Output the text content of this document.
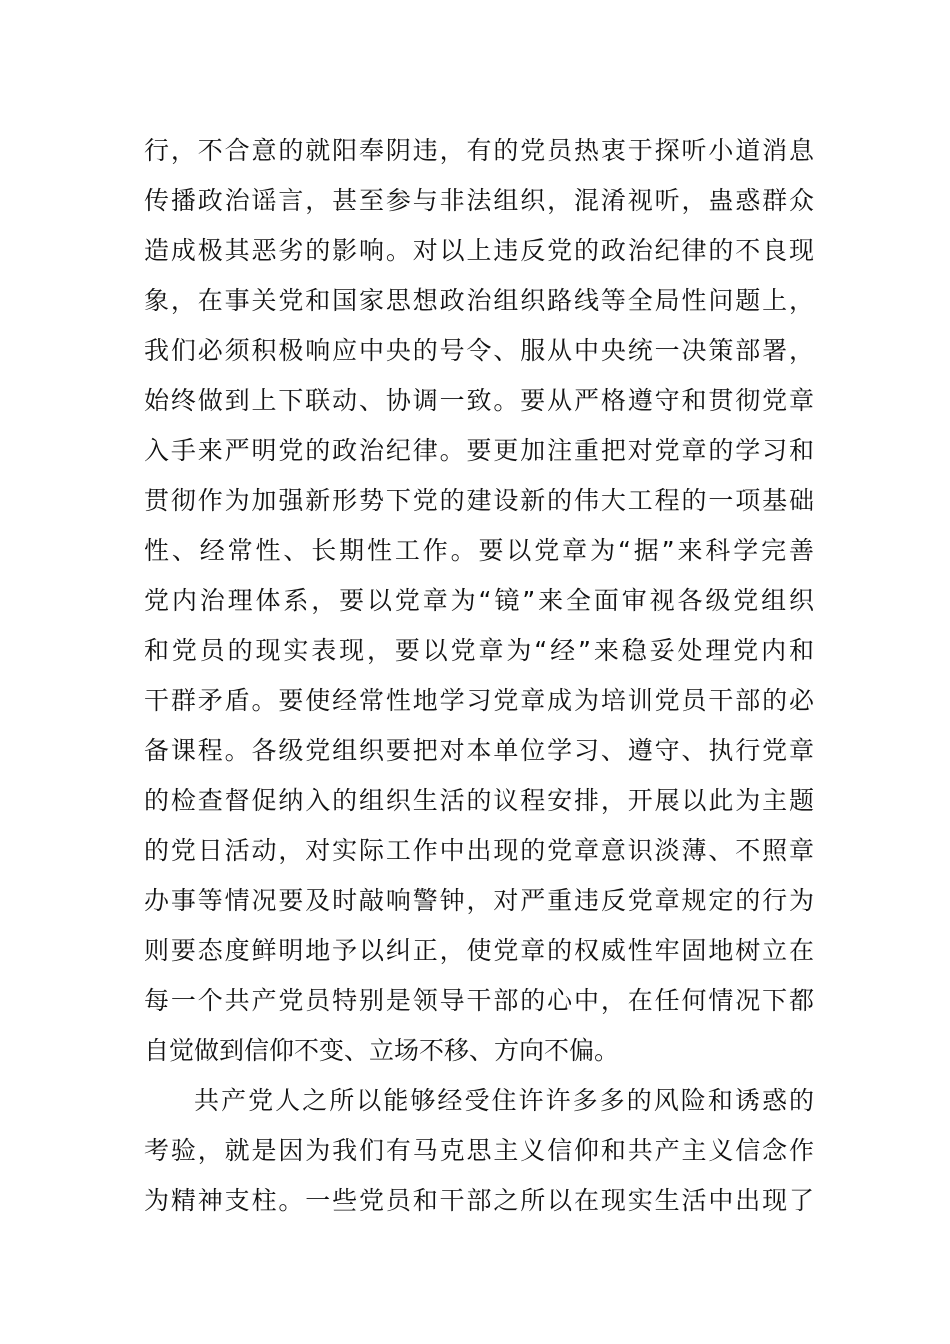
行，不合意的就阳奉阴违，有的党员热衷于探听小道消息
传播政治谣言，甚至参与非法组织，混淆视听，蛊惑群众
造成极其恶劣的影响。对以上违反党的政治纪律的不良现
象，在事关党和国家思想政治组织路线等全局性问题上，
我们必须积极响应中央的号令、服从中央统一决策部署，
始终做到上下联动、协调一致。要从严格遵守和贯彻党章
入手来严明党的政治纪律。要更加注重把对党章的学习和
贯彻作为加强新形势下党的建设新的伟大工程的一项基础
性、经常性、长期性工作。要以党章为“据”来科学完善
党内治理体系，要以党章为“镜”来全面审视各级党组织
和党员的现实表现，要以党章为“经”来稳妥处理党内和
干群矛盾。要使经常性地学习党章成为培训党员干部的必
备课程。各级党组织要把对本单位学习、遵守、执行党章
的检查督促纳入的组织生活的议程安排，开展以此为主题
的党日活动，对实际工作中出现的党章意识淡薄、不照章
办事等情况要及时敲响警钟，对严重违反党章规定的行为
则要态度鲜明地予以纠正，使党章的权威性牢固地树立在
每一个共产党员特别是领导干部的心中，在任何情况下都
自觉做到信仰不变、立场不移、方向不偏。
共产党人之所以能够经受住许许多多的风险和诱惑的
考验，就是因为我们有马克思主义信仰和共产主义信念作
为精神支柱。一些党员和干部之所以在现实生活中出现了
